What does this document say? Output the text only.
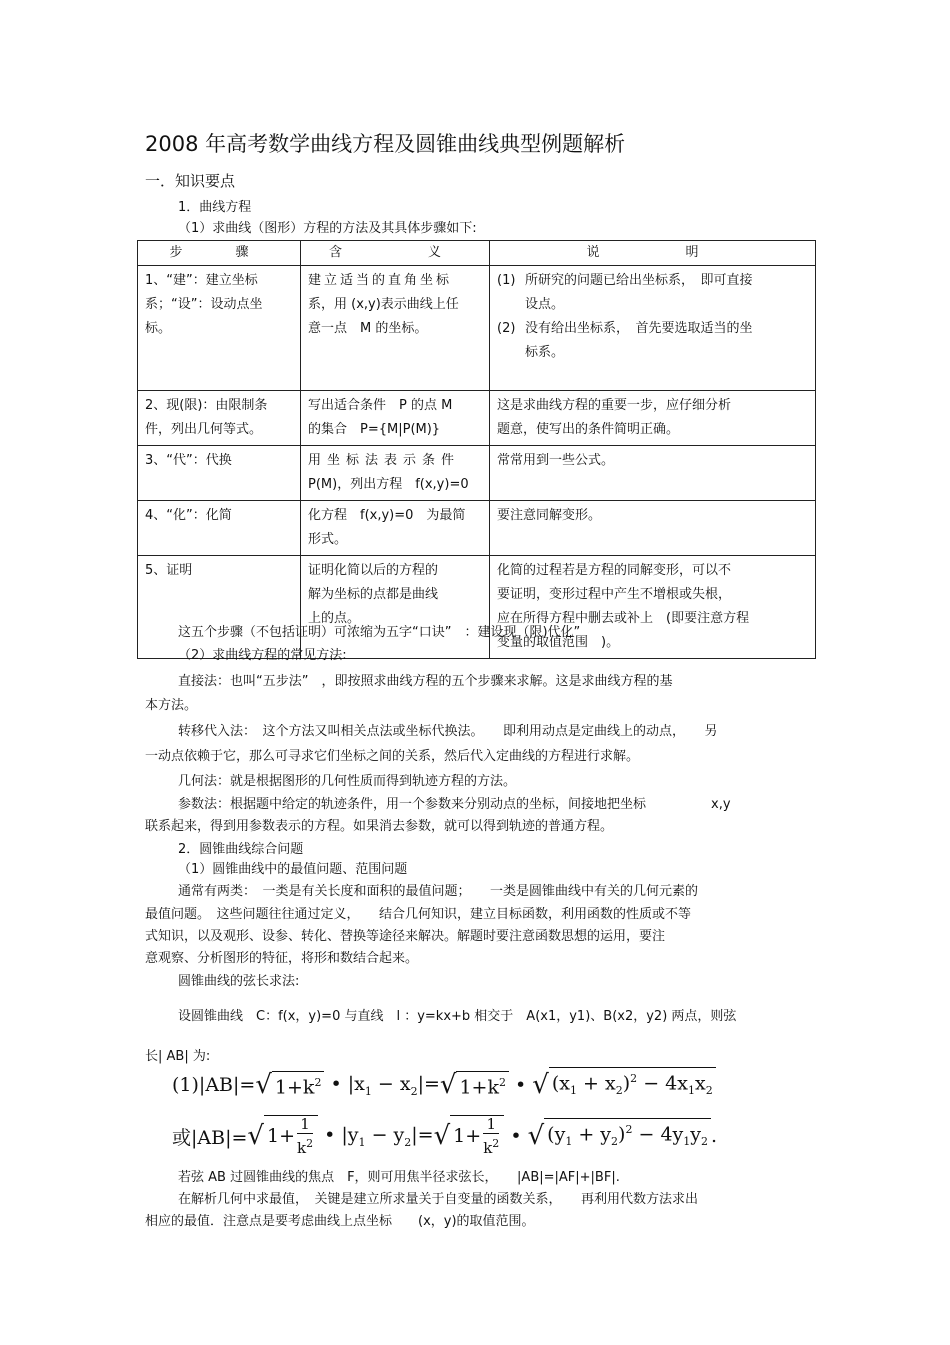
2008 年高考数学曲线方程及圆锥曲线典型例题解析
一．知识要点
1．曲线方程
（1）求曲线（图形）方程的方法及其具体步骤如下:
步　骤	含　　义	说　　明

1、“建”：建立坐标
系；“设”：设动点坐
标。	建立适当的直角坐标
系，用 (x,y)表示曲线上任
意一点　M 的坐标。	(1) 所研究的问题已给出坐标系，　即可直接
设点。
(2) 没有给出坐标系，　首先要选取适当的坐
标系。

2、现(限)：由限制条
件，列出几何等式。	写出适合条件　P 的点 M
的集合　P={M|P(M)}	这是求曲线方程的重要一步，应仔细分析
题意，使写出的条件简明正确。

3、“代”：代换	用坐标法表示条件
P(M)，列出方程　f(x,y)=0	常常用到一些公式。

4、“化”：化简	化方程　f(x,y)=0　为最简
形式。	要注意同解变形。

5、证明	证明化简以后的方程的
解为坐标的点都是曲线
上的点。	化简的过程若是方程的同解变形，可以不
要证明，变形过程中产生不增根或失根，
应在所得方程中删去或补上　(即要注意方程
变量的取值范围　)。
这五个步骤（不包括证明）可浓缩为五字“口诀”　：建设现（限)代化”
（2）求曲线方程的常见方法:
直接法：也叫“五步法”　，即按照求曲线方程的五个步骤来求解。这是求曲线方程的基
本方法。
转移代入法：　这个方法又叫相关点法或坐标代换法。　　即利用动点是定曲线上的动点，　　另
一动点依赖于它，那么可寻求它们坐标之间的关系，然后代入定曲线的方程进行求解。
几何法：就是根据图形的几何性质而得到轨迹方程的方法。
参数法：根据题中给定的轨迹条件，用一个参数来分别动点的坐标，间接地把坐标　　　　　x,y
联系起来，得到用参数表示的方程。如果消去参数，就可以得到轨迹的普通方程。
2．圆锥曲线综合问题
（1）圆锥曲线中的最值问题、范围问题
通常有两类：　一类是有关长度和面积的最值问题；　　一类是圆锥曲线中有关的几何元素的
最值问题。　这些问题往往通过定义，　　结合几何知识，建立目标函数，利用函数的性质或不等
式知识，以及观形、设参、转化、替换等途径来解决。解题时要注意函数思想的运用，要注
意观察、分析图形的特征，将形和数结合起来。
圆锥曲线的弦长求法:
设圆锥曲线　C：f(x，y)=0 与直线　l ：y=kx+b 相交于　A(x1，y1)、B(x2，y2) 两点，则弦
长| AB| 为:
(1)|AB|= √ $1+k^2$ • $|x_1 - x_2|=$ √ $1+k^2$ • √ $(x_1 + x_2)^2 - 4x_1x_2$
或|AB|= √ $1+ \frac{1}{k^2}$ • $|y_1 - y_2|=$ √ $1+ \frac{1}{k^2}$ • √ $(y_1 + y_2)^2 - 4y_1y_2$ .
若弦 AB 过圆锥曲线的焦点　F，则可用焦半径求弦长，　　|AB|=|AF|+|BF|.
在解析几何中求最值，　关键是建立所求量关于自变量的函数关系，　　再利用代数方法求出
相应的最值．注意点是要考虑曲线上点坐标　　(x，y)的取值范围。
